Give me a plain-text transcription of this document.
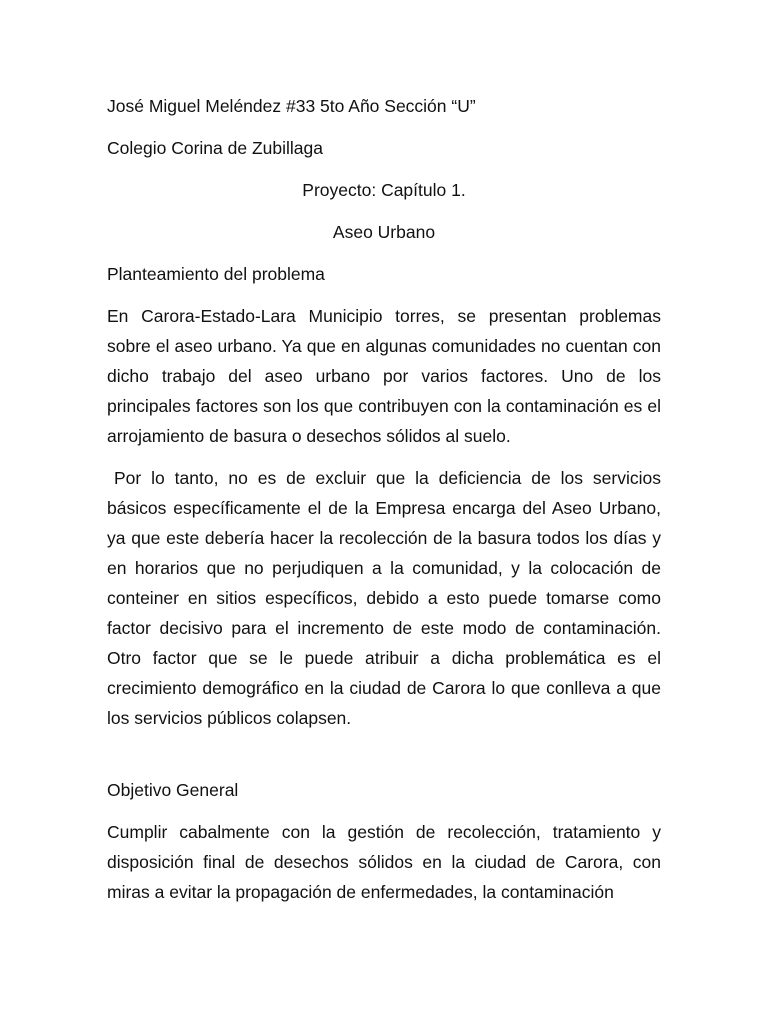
José Miguel Meléndez #33 5to Año Sección “U”

Colegio Corina de Zubillaga

Proyecto: Capítulo 1.

Aseo Urbano

Planteamiento del problema

En Carora-Estado-Lara Municipio torres, se presentan problemas sobre el aseo urbano. Ya que en algunas comunidades no cuentan con dicho trabajo del aseo urbano por varios factores. Uno de los principales factores son los que contribuyen con la contaminación es el arrojamiento de basura o desechos sólidos al suelo.

Por lo tanto, no es de excluir que la deficiencia de los servicios básicos específicamente el de la Empresa encarga del Aseo Urbano, ya que este debería hacer la recolección de la basura todos los días y en horarios que no perjudiquen a la comunidad, y la colocación de conteiner en sitios específicos, debido a esto puede tomarse como factor decisivo para el incremento de este modo de contaminación. Otro factor que se le puede atribuir a dicha problemática es el crecimiento demográfico en la ciudad de Carora lo que conlleva a que los servicios públicos colapsen.

Objetivo General

Cumplir cabalmente con la gestión de recolección, tratamiento y disposición final de desechos sólidos en la ciudad de Carora, con miras a evitar la propagación de enfermedades, la contaminación
